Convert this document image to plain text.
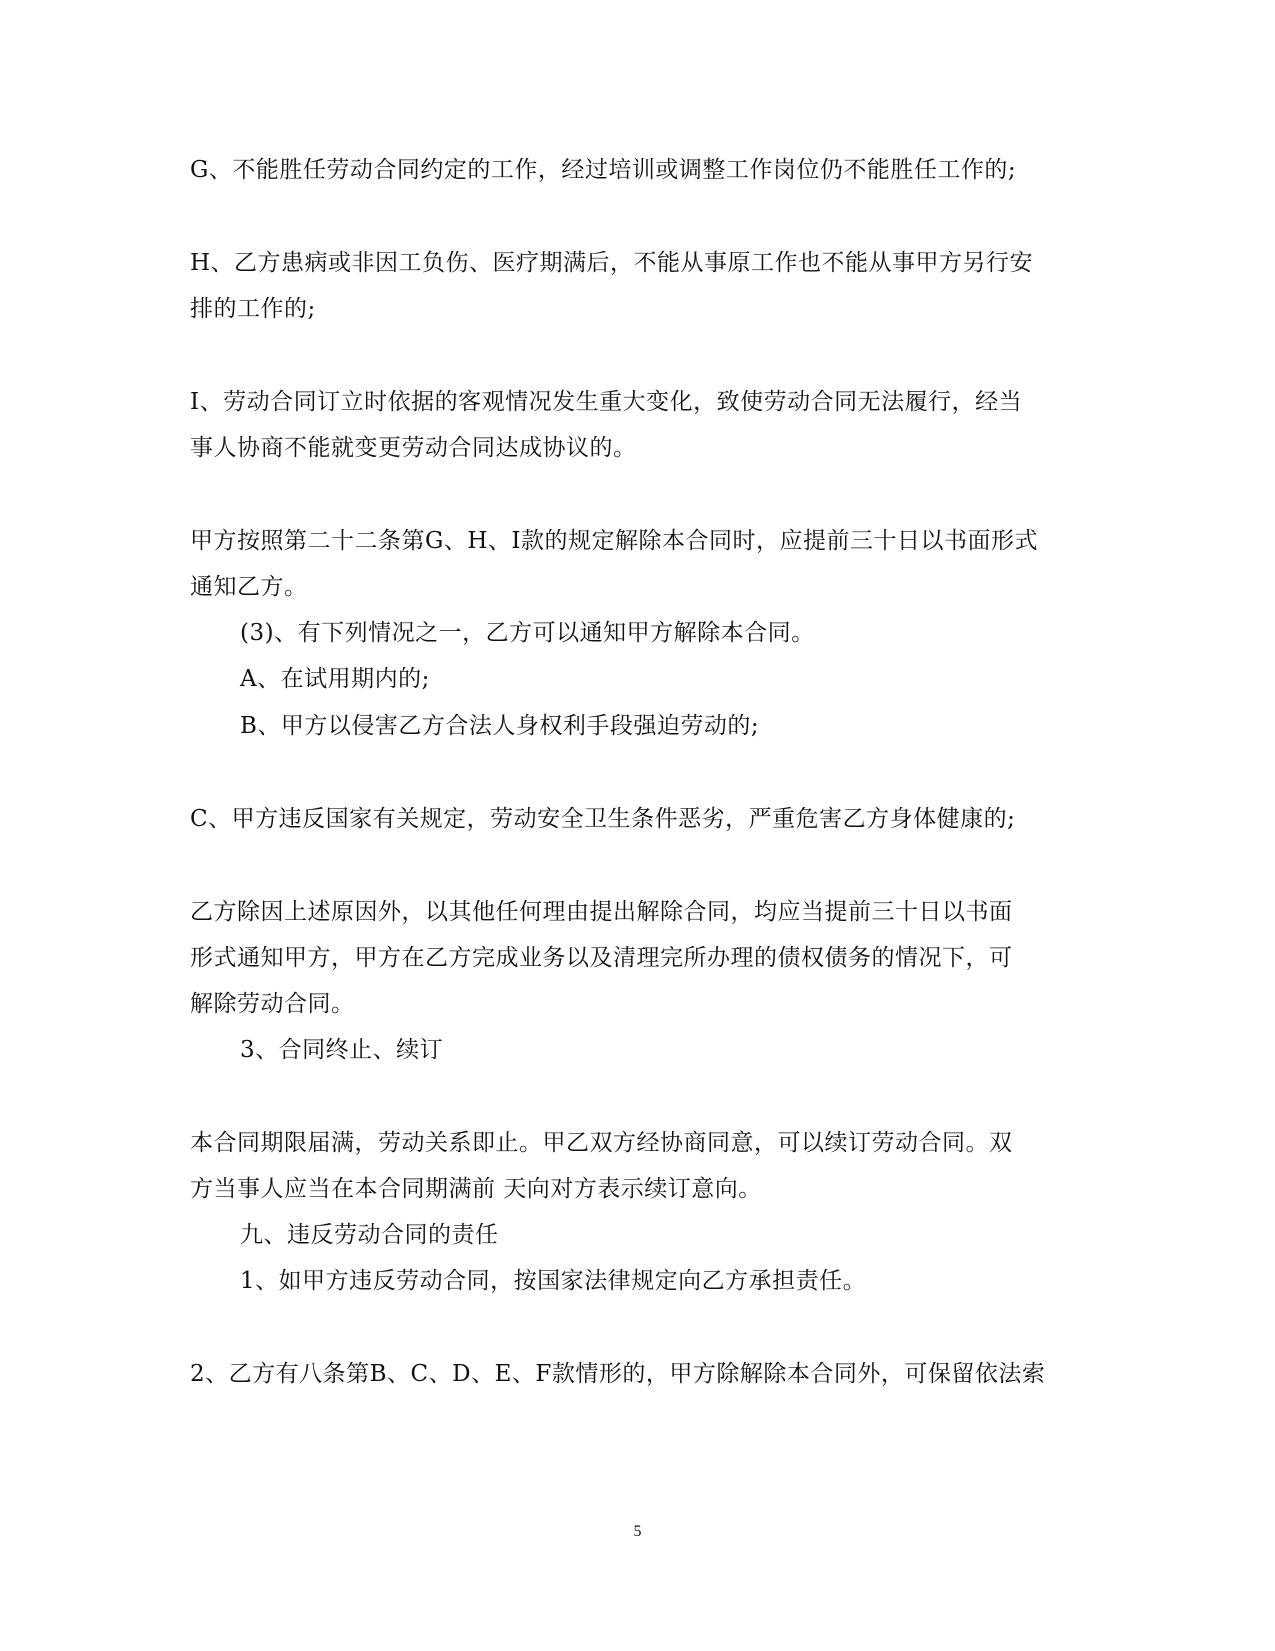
G、不能胜任劳动合同约定的工作，经过培训或调整工作岗位仍不能胜任工作的;
H、乙方患病或非因工负伤、医疗期满后，不能从事原工作也不能从事甲方另行安
排的工作的;
I、劳动合同订立时依据的客观情况发生重大变化，致使劳动合同无法履行，经当
事人协商不能就变更劳动合同达成协议的。
甲方按照第二十二条第G、H、I款的规定解除本合同时，应提前三十日以书面形式
通知乙方。
(3)、有下列情况之一，乙方可以通知甲方解除本合同。
A、在试用期内的;
B、甲方以侵害乙方合法人身权利手段强迫劳动的;
C、甲方违反国家有关规定，劳动安全卫生条件恶劣，严重危害乙方身体健康的;
乙方除因上述原因外，以其他任何理由提出解除合同，均应当提前三十日以书面
形式通知甲方，甲方在乙方完成业务以及清理完所办理的债权债务的情况下，可
解除劳动合同。
3、合同终止、续订
本合同期限届满，劳动关系即止。甲乙双方经协商同意，可以续订劳动合同。双
方当事人应当在本合同期满前 天向对方表示续订意向。
九、违反劳动合同的责任
1、如甲方违反劳动合同，按国家法律规定向乙方承担责任。
2、乙方有八条第B、C、D、E、F款情形的，甲方除解除本合同外，可保留依法索
5
